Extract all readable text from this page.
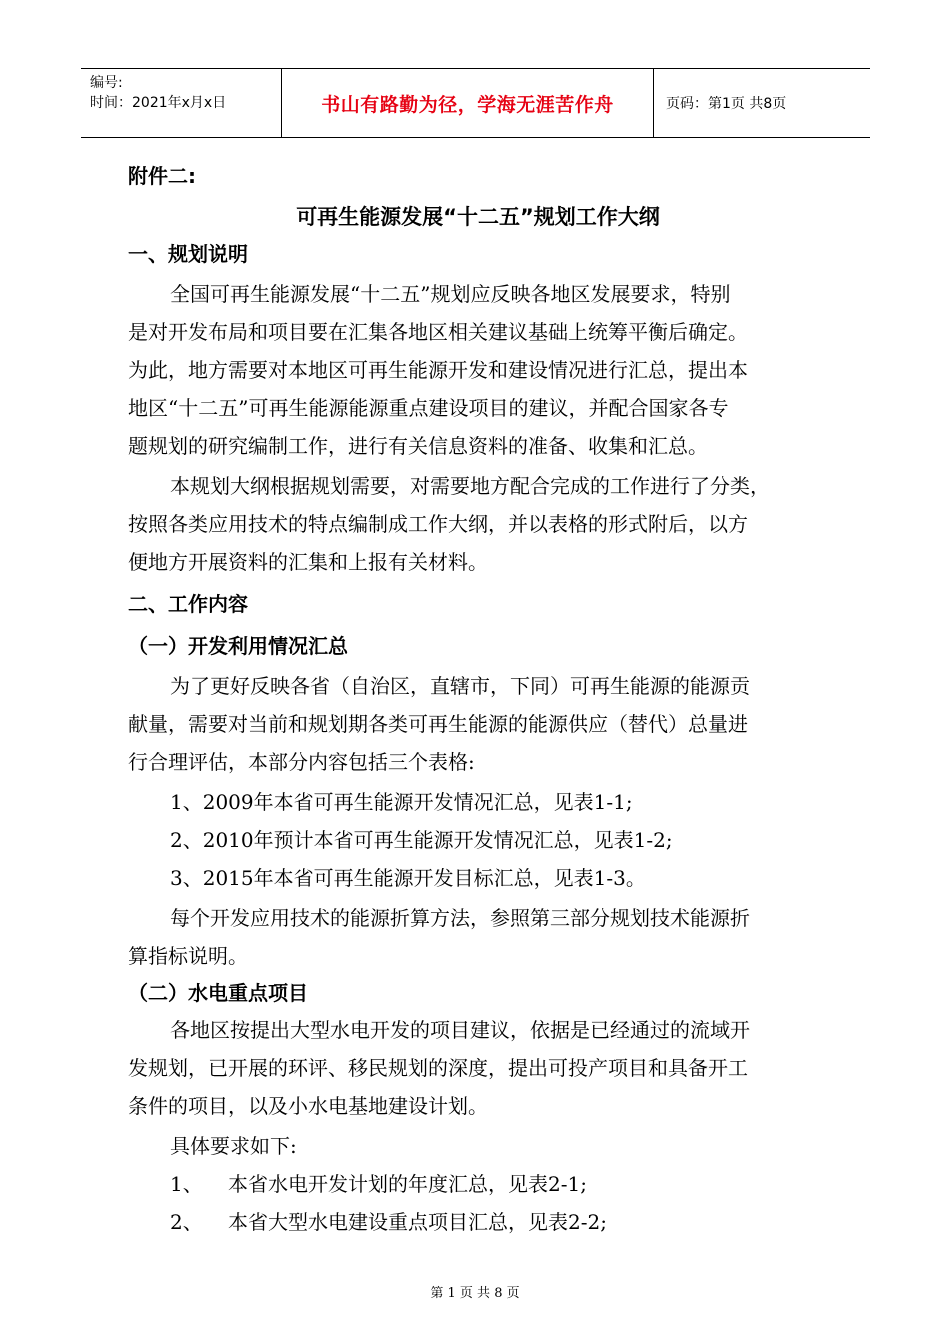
编号:
时间：2021年x月x日	书山有路勤为径，学海无涯苦作舟	页码：第1页 共8页
附件二:
可再生能源发展“十二五”规划工作大纲
一、规划说明
全国可再生能源发展“十二五”规划应反映各地区发展要求，特别
是对开发布局和项目要在汇集各地区相关建议基础上统筹平衡后确定。
为此，地方需要对本地区可再生能源开发和建设情况进行汇总，提出本
地区“十二五”可再生能源能源重点建设项目的建议，并配合国家各专
题规划的研究编制工作，进行有关信息资料的准备、收集和汇总。
本规划大纲根据规划需要，对需要地方配合完成的工作进行了分类，
按照各类应用技术的特点编制成工作大纲，并以表格的形式附后，以方
便地方开展资料的汇集和上报有关材料。
二、工作内容
（一）开发利用情况汇总
为了更好反映各省（自治区，直辖市，下同）可再生能源的能源贡
献量，需要对当前和规划期各类可再生能源的能源供应（替代）总量进
行合理评估，本部分内容包括三个表格:
1、2009年本省可再生能源开发情况汇总，见表1-1;
2、2010年预计本省可再生能源开发情况汇总，见表1-2;
3、2015年本省可再生能源开发目标汇总，见表1-3。
每个开发应用技术的能源折算方法，参照第三部分规划技术能源折
算指标说明。
（二）水电重点项目
各地区按提出大型水电开发的项目建议，依据是已经通过的流域开
发规划，已开展的环评、移民规划的深度，提出可投产项目和具备开工
条件的项目，以及小水电基地建设计划。
具体要求如下:
1、 本省水电开发计划的年度汇总，见表2-1;
2、 本省大型水电建设重点项目汇总，见表2-2;
第 1 页 共 8 页
